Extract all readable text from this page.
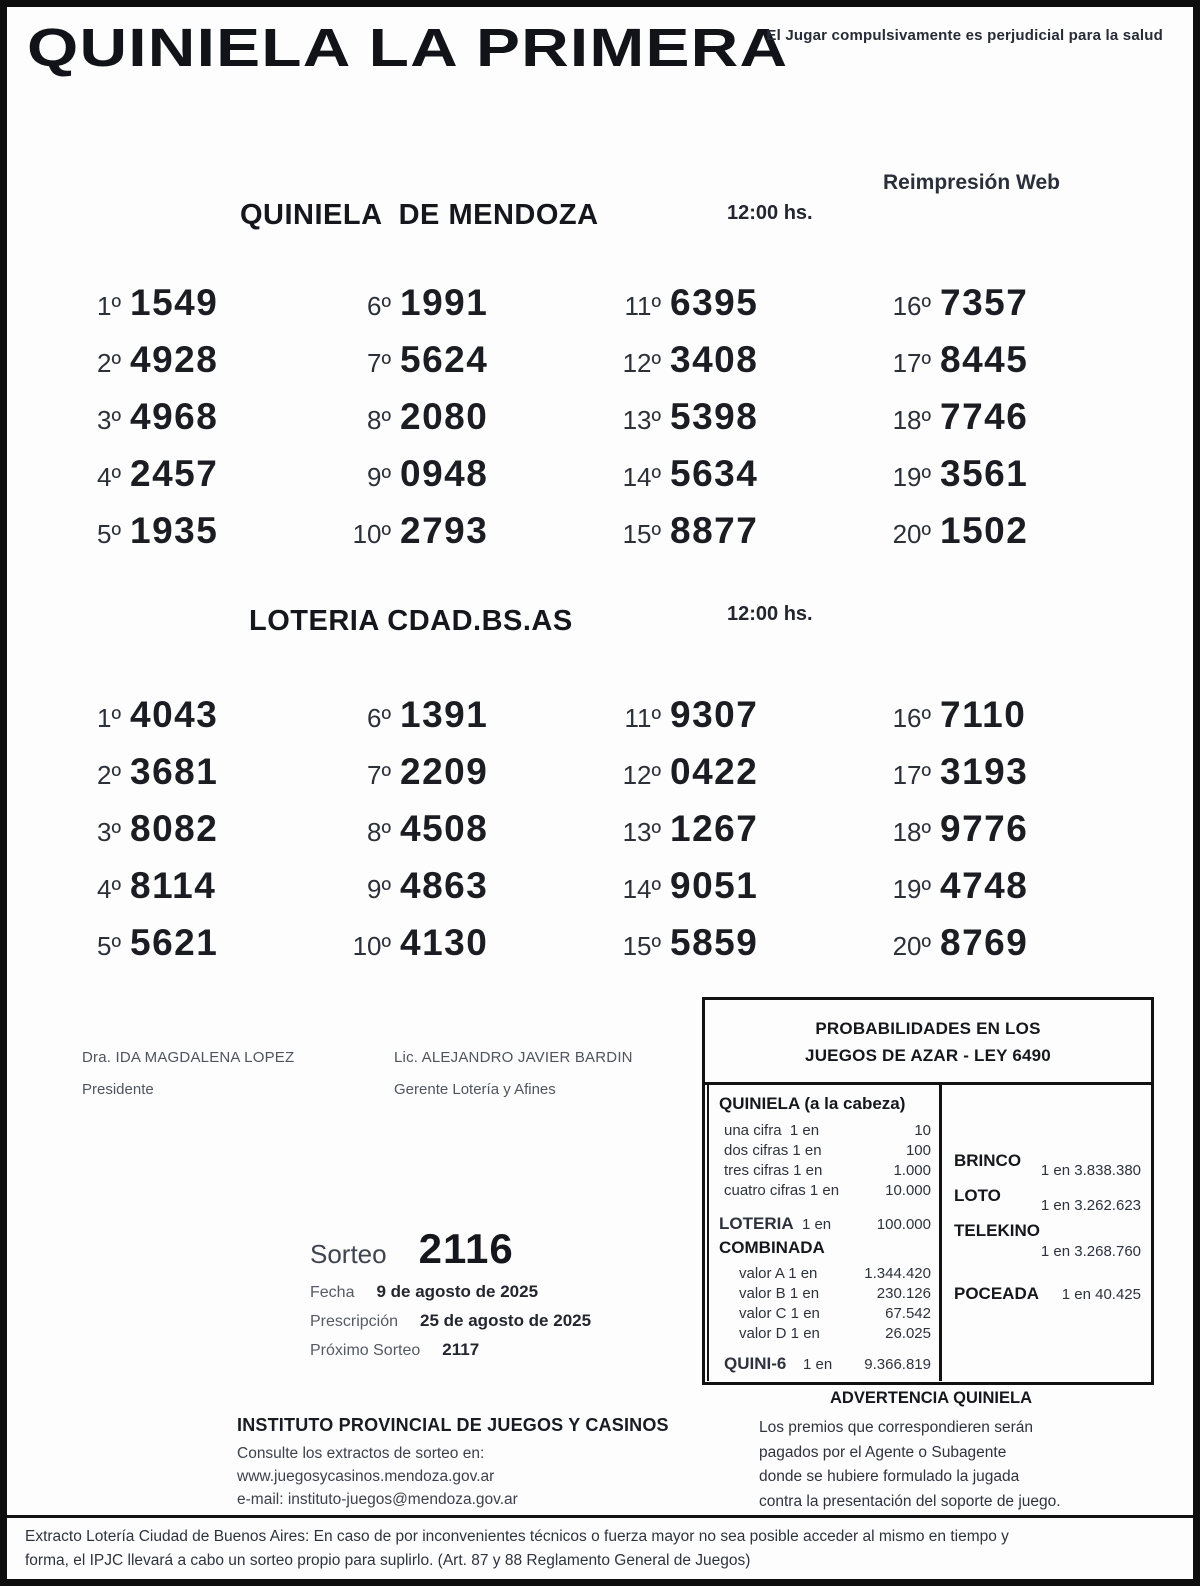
QUINIELA LA PRIMERA
El Jugar compulsivamente es perjudicial para la salud
Reimpresión Web
QUINIELA  DE MENDOZA	12:00 hs.
1º 1549
2º 4928
3º 4968
4º 2457
5º 1935
6º 1991
7º 5624
8º 2080
9º 0948
10º 2793
11º 6395
12º 3408
13º 5398
14º 5634
15º 8877
16º 7357
17º 8445
18º 7746
19º 3561
20º 1502
LOTERIA CDAD.BS.AS	12:00 hs.
1º 4043
2º 3681
3º 8082
4º 8114
5º 5621
6º 1391
7º 2209
8º 4508
9º 4863
10º 4130
11º 9307
12º 0422
13º 1267
14º 9051
15º 5859
16º 7110
17º 3193
18º 9776
19º 4748
20º 8769
Dra. IDA MAGDALENA LOPEZ
Presidente
Lic. ALEJANDRO JAVIER BARDIN
Gerente Lotería y Afines
PROBABILIDADES EN LOS
JUEGOS DE AZAR - LEY 6490
QUINIELA (a la cabeza)
una cifra  1 en	10
dos cifras 1 en	100
tres cifras 1 en	1.000
cuatro cifras 1 en	10.000
LOTERIA  1 en	100.000
COMBINADA
valor A 1 en	1.344.420
valor B 1 en	230.126
valor C 1 en	67.542
valor D 1 en	26.025
QUINI-6    1 en 9.366.819
BRINCO
1 en 3.838.380
LOTO
1 en 3.262.623
TELEKINO
1 en 3.268.760
POCEADA 1 en 40.425
Sorteo 2116
Fecha 9 de agosto de 2025
Prescripción 25 de agosto de 2025
Próximo Sorteo 2117
INSTITUTO PROVINCIAL DE JUEGOS Y CASINOS
Consulte los extractos de sorteo en:
www.juegosycasinos.mendoza.gov.ar
e-mail: instituto-juegos@mendoza.gov.ar
ADVERTENCIA QUINIELA
Los premios que correspondieren serán
pagados por el Agente o Subagente
donde se hubiere formulado la jugada
contra la presentación del soporte de juego.
Extracto Lotería Ciudad de Buenos Aires: En caso de por inconvenientes técnicos o fuerza mayor no sea posible acceder al mismo en tiempo y
forma, el IPJC llevará a cabo un sorteo propio para suplirlo. (Art. 87 y 88 Reglamento General de Juegos)
